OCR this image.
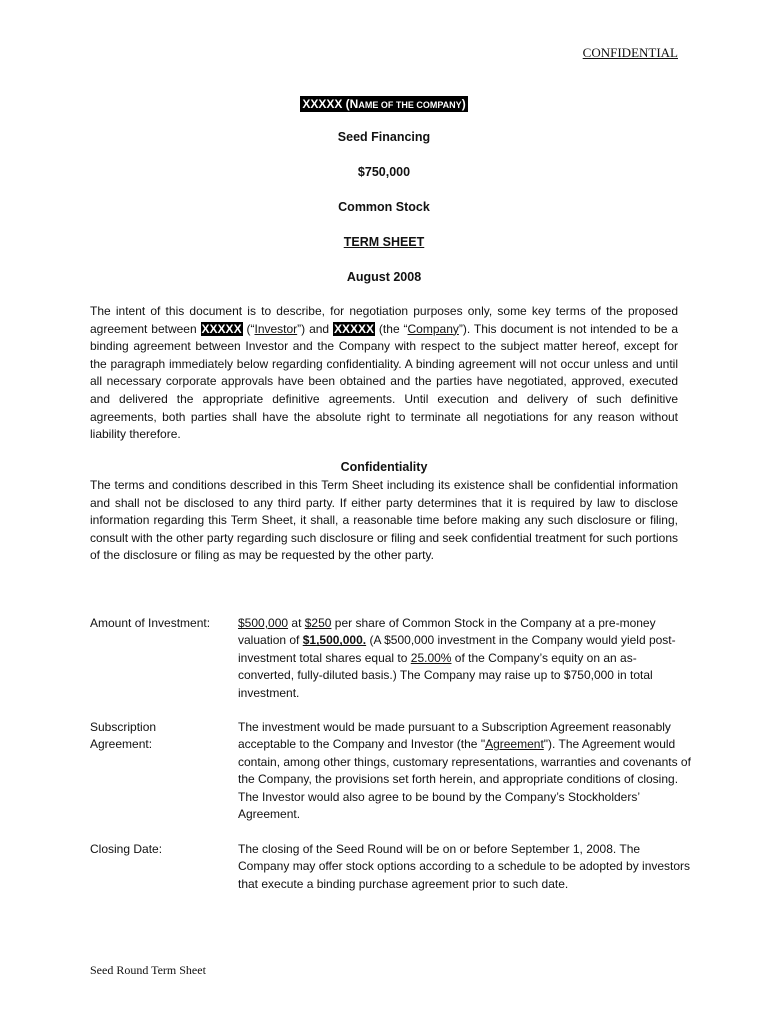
CONFIDENTIAL
XXXXX (NAME OF THE COMPANY)
Seed Financing
$750,000
Common Stock
TERM SHEET
August 2008
The intent of this document is to describe, for negotiation purposes only, some key terms of the proposed agreement between XXXXX (“Investor”) and XXXXX (the “Company”). This document is not intended to be a binding agreement between Investor and the Company with respect to the subject matter hereof, except for the paragraph immediately below regarding confidentiality. A binding agreement will not occur unless and until all necessary corporate approvals have been obtained and the parties have negotiated, approved, executed and delivered the appropriate definitive agreements. Until execution and delivery of such definitive agreements, both parties shall have the absolute right to terminate all negotiations for any reason without liability therefore.
Confidentiality
The terms and conditions described in this Term Sheet including its existence shall be confidential information and shall not be disclosed to any third party. If either party determines that it is required by law to disclose information regarding this Term Sheet, it shall, a reasonable time before making any such disclosure or filing, consult with the other party regarding such disclosure or filing and seek confidential treatment for such portions of the disclosure or filing as may be requested by the other party.
Amount of Investment:	$500,000 at $250 per share of Common Stock in the Company at a pre-money valuation of $1,500,000. (A $500,000 investment in the Company would yield post-investment total shares equal to 25.00% of the Company’s equity on an as-converted, fully-diluted basis.) The Company may raise up to $750,000 in total investment.
Subscription
Agreement:
The investment would be made pursuant to a Subscription Agreement reasonably acceptable to the Company and Investor (the "Agreement"). The Agreement would contain, among other things, customary representations, warranties and covenants of the Company, the provisions set forth herein, and appropriate conditions of closing. The Investor would also agree to be bound by the Company’s Stockholders’ Agreement.
Closing Date:	The closing of the Seed Round will be on or before September 1, 2008. The Company may offer stock options according to a schedule to be adopted by investors that execute a binding purchase agreement prior to such date.
Seed Round Term Sheet
